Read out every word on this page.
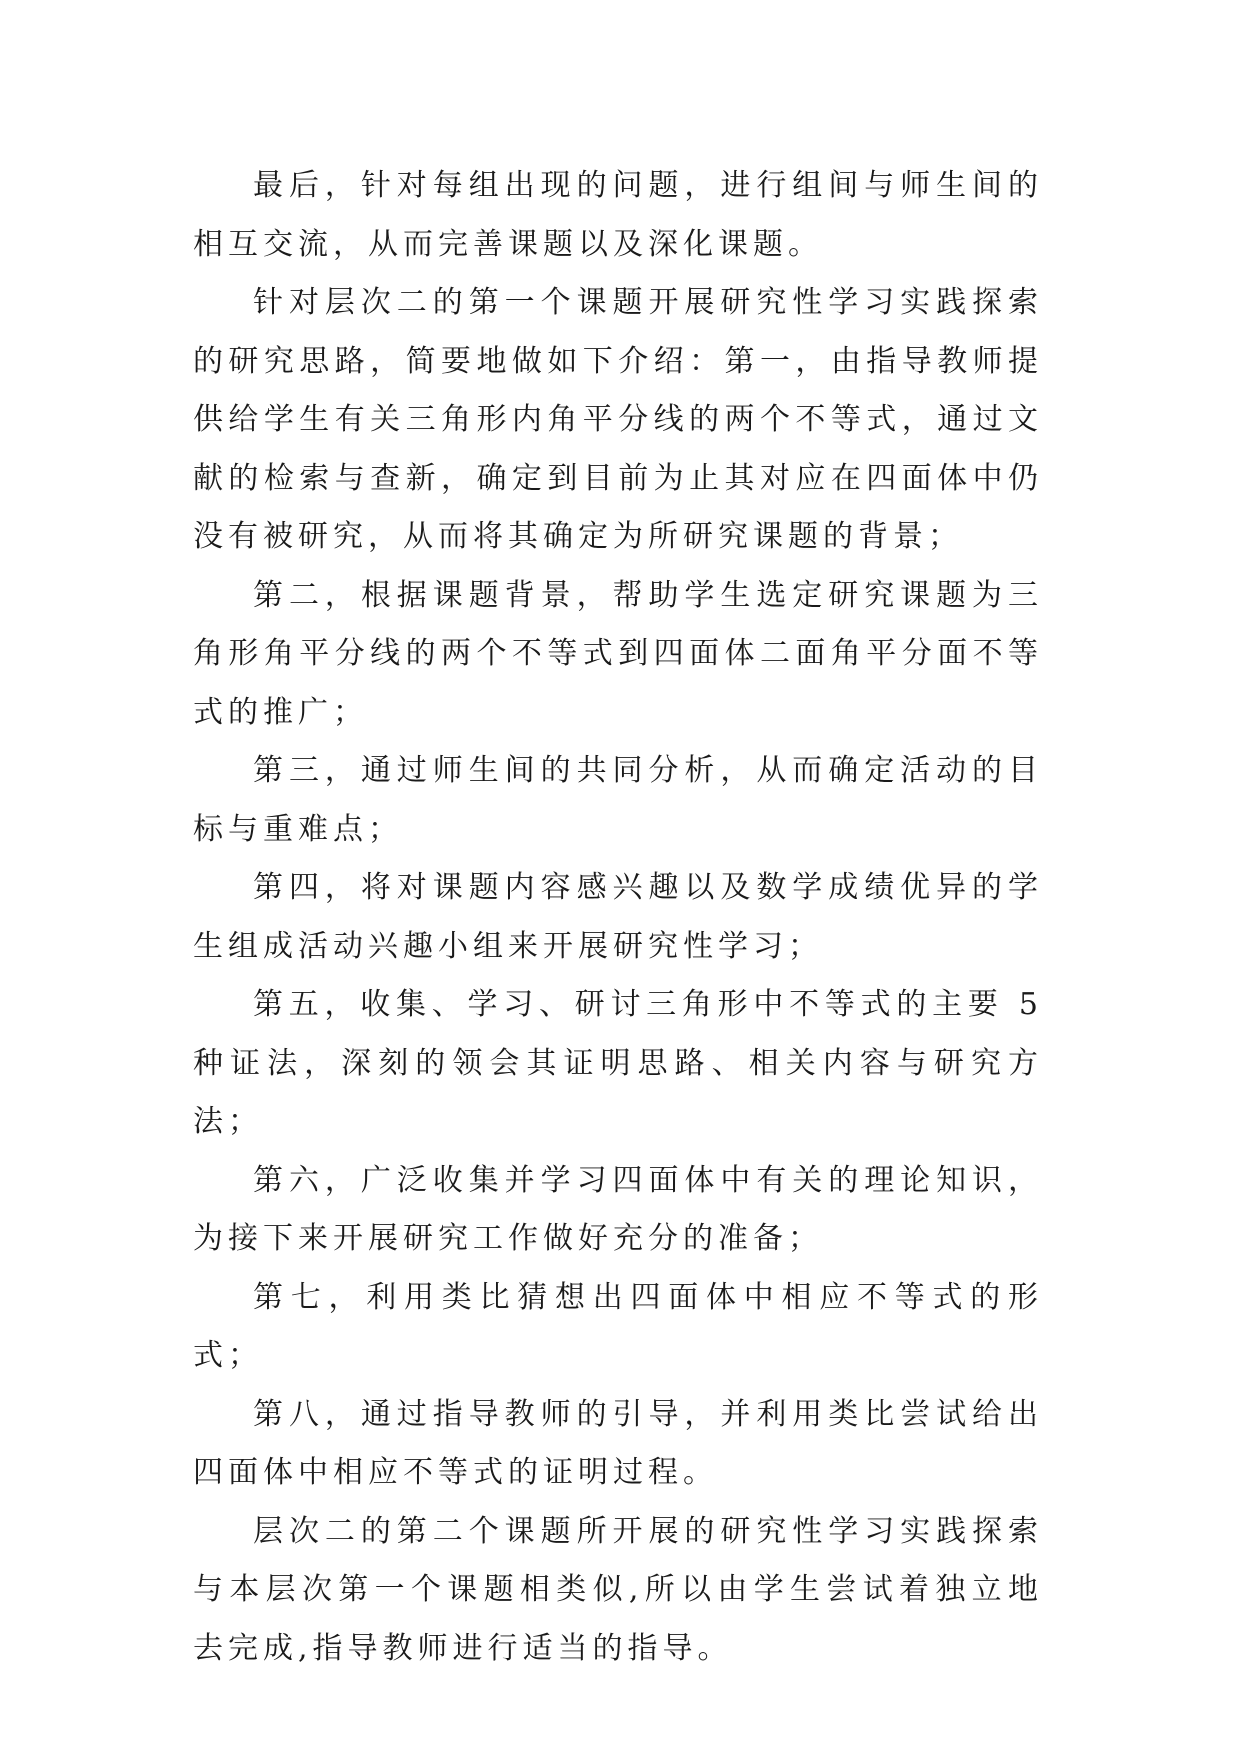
最后，针对每组出现的问题，进行组间与师生间的相互交流，从而完善课题以及深化课题。

针对层次二的第一个课题开展研究性学习实践探索的研究思路，简要地做如下介绍：第一，由指导教师提供给学生有关三角形内角平分线的两个不等式，通过文献的检索与查新，确定到目前为止其对应在四面体中仍没有被研究，从而将其确定为所研究课题的背景；

第二，根据课题背景，帮助学生选定研究课题为三角形角平分线的两个不等式到四面体二面角平分面不等式的推广；

第三，通过师生间的共同分析，从而确定活动的目标与重难点；

第四，将对课题内容感兴趣以及数学成绩优异的学生组成活动兴趣小组来开展研究性学习；

第五，收集、学习、研讨三角形中不等式的主要 5 种证法，深刻的领会其证明思路、相关内容与研究方法；

第六，广泛收集并学习四面体中有关的理论知识，为接下来开展研究工作做好充分的准备；

第七，利用类比猜想出四面体中相应不等式的形式；

第八，通过指导教师的引导，并利用类比尝试给出四面体中相应不等式的证明过程。

层次二的第二个课题所开展的研究性学习实践探索与本层次第一个课题相类似,所以由学生尝试着独立地去完成,指导教师进行适当的指导。
